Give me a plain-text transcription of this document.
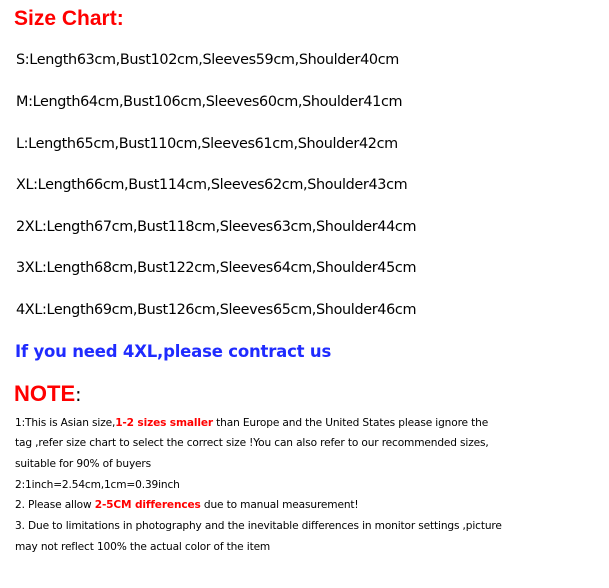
Size Chart:
S:Length63cm,Bust102cm,Sleeves59cm,Shoulder40cm
M:Length64cm,Bust106cm,Sleeves60cm,Shoulder41cm
L:Length65cm,Bust110cm,Sleeves61cm,Shoulder42cm
XL:Length66cm,Bust114cm,Sleeves62cm,Shoulder43cm
2XL:Length67cm,Bust118cm,Sleeves63cm,Shoulder44cm
3XL:Length68cm,Bust122cm,Sleeves64cm,Shoulder45cm
4XL:Length69cm,Bust126cm,Sleeves65cm,Shoulder46cm
If you need 4XL,please contract us
NOTE:
1:This is Asian size,1-2 sizes smaller than Europe and the United States please ignore the
tag ,refer size chart to select the correct size !You can also refer to our recommended sizes,
suitable for 90% of buyers
2:1inch=2.54cm,1cm=0.39inch
2. Please allow 2-5CM differences due to manual measurement!
3. Due to limitations in photography and the inevitable differences in monitor settings ,picture
may not reflect 100% the actual color of the item
